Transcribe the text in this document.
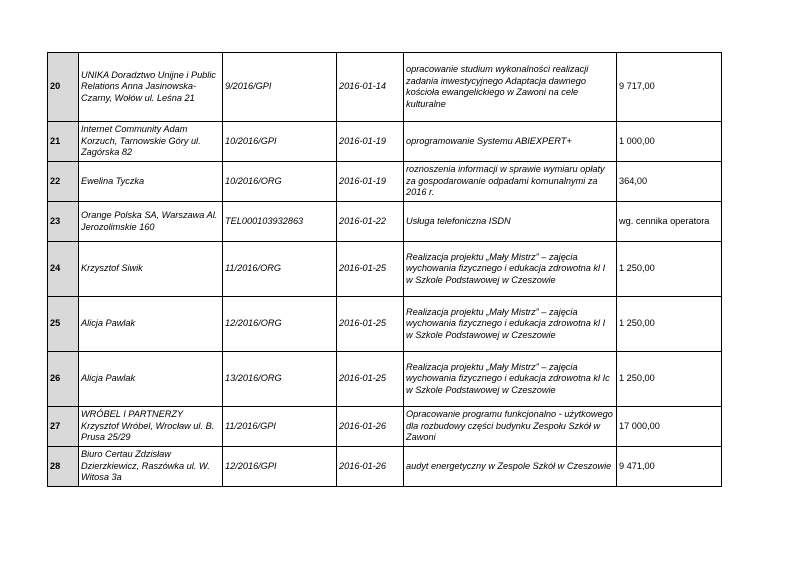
20	UNIKA Doradztwo Unijne i Public Relations Anna Jasinowska-Czarny, Wołów ul. Leśna 21	9/2016/GPI	2016-01-14	opracowanie studium wykonalności realizacji zadania inwestycyjnego Adaptacja dawnego kościoła ewangelickiego w Zawoni na cele kulturalne	9 717,00
21	Internet Community Adam Korzuch, Tarnowskie Góry ul. Zagórska 82	10/2016/GPI	2016-01-19	oprogramowanie Systemu ABIEXPERT+	1 000,00
22	Ewelina Tyczka	10/2016/ORG	2016-01-19	roznoszenia informacji w sprawie wymiaru opłaty za gospodarowanie odpadami komunalnymi za 2016 r.	364,00
23	Orange Polska SA, Warszawa Al. Jerozolimskie 160	TEL000103932863	2016-01-22	Usługa telefoniczna ISDN	wg. cennika operatora
24	Krzysztof Siwik	11/2016/ORG	2016-01-25	Realizacja projektu „Mały Mistrz” – zajęcia wychowania fizycznego i edukacja zdrowotna kl I w Szkole Podstawowej w Czeszowie	1 250,00
25	Alicja Pawlak	12/2016/ORG	2016-01-25	Realizacja projektu „Mały Mistrz” – zajęcia wychowania fizycznego i edukacja zdrowotna kl I w Szkole Podstawowej w Czeszowie	1 250,00
26	Alicja Pawlak	13/2016/ORG	2016-01-25	Realizacja projektu „Mały Mistrz” – zajęcia wychowania fizycznego i edukacja zdrowotna kl Ic w Szkole Podstawowej w Czeszowie	1 250,00
27	WRÓBEL I PARTNERZY Krzysztof Wróbel, Wrocław ul. B. Prusa 25/29	11/2016/GPI	2016-01-26	Opracowanie programu funkcjonalno - użytkowego dla rozbudowy części budynku Zespołu Szkół w Zawoni	17 000,00
28	Biuro Certau Zdzisław Dzierzkiewicz, Raszówka ul. W. Witosa 3a	12/2016/GPI	2016-01-26	audyt energetyczny w Zespole Szkół w Czeszowie	9 471,00
